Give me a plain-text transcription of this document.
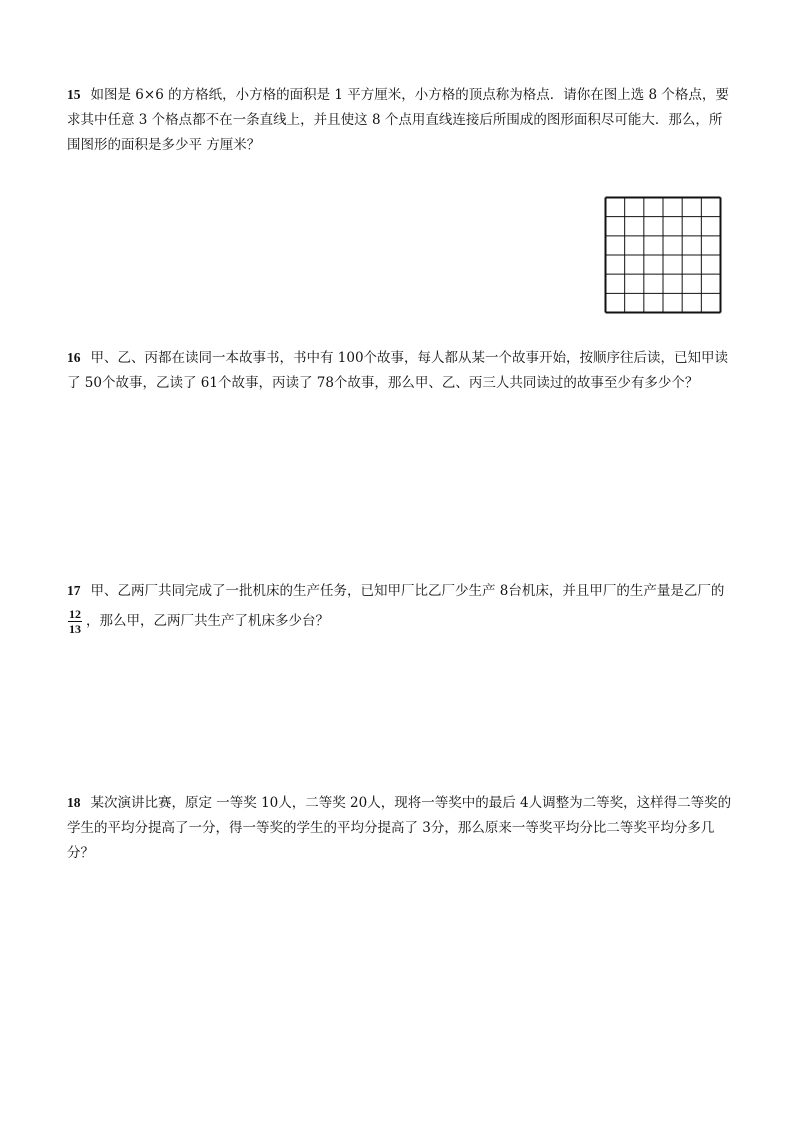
15 如图是 6×6 的方格纸，小方格的面积是 1 平方厘米，小方格的顶点称为格点．请你在图上选 8 个格点，要求其中任意 3 个格点都不在一条直线上，并且使这 8 个点用直线连接后所围成的图形面积尽可能大．那么，所围图形的面积是多少平 方厘米？
16 甲、乙、丙都在读同一本故事书，书中有 100个故事，每人都从某一个故事开始，按顺序往后读，已知甲读了 50个故事，乙读了 61个故事，丙读了 78个故事，那么甲、乙、丙三人共同读过的故事至少有多少个？
17 甲、乙两厂共同完成了一批机床的生产任务，已知甲厂比乙厂少生产 8台机床，并且甲厂的生产量是乙厂的
$\frac{12}{13}$ ，那么甲，乙两厂共生产了机床多少台？
18 某次演讲比赛，原定 一等奖 10人，二等奖 20人，现将一等奖中的最后 4人调整为二等奖，这样得二等奖的学生的平均分提高了一分，得一等奖的学生的平均分提高了 3分，那么原来一等奖平均分比二等奖平均分多几分？
